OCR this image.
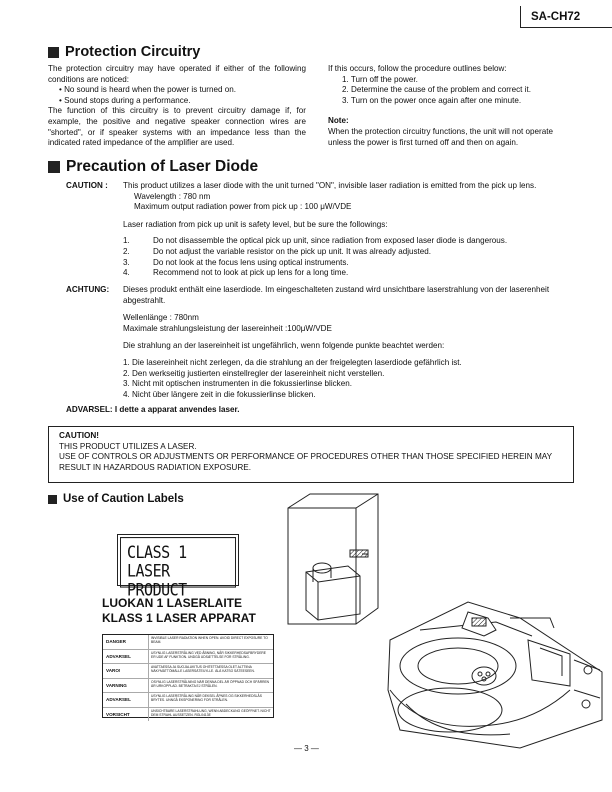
SA-CH72
Protection Circuitry

The protection circuitry may have operated if either of the following conditions are noticed:

• No sound is heard when the power is turned on.

• Sound stops during a performance.

The function of this circuitry is to prevent circuitry damage if, for example, the positive and negative speaker connection wires are "shorted", or if speaker systems with an impedance less than the indicated rated impedance of the amplifier are used.

If this occurs, follow the procedure outlines below:

1. Turn off the power.

2. Determine the cause of the problem and correct it.

3. Turn on the power once again after one minute.

Note:

When the protection circuitry functions, the unit will not operate unless the power is first turned off and then on again.

Precaution of Laser Diode
CAUTION : This product utilizes a laser diode with the unit turned "ON", invisible laser radiation is emitted from the pick up lens.

Wavelength : 780 nm

Maximum output radiation power from pick up : 100 μW/VDE

Laser radiation from pick up unit is safety level, but be sure the followings:

1.	Do not disassemble the optical pick up unit, since radiation from exposed laser diode is dangerous.
2.	Do not adjust the variable resistor on the pick up unit. It was already adjusted.
3.	Do not look at the focus lens using optical instruments.
4.	Recommend not to look at pick up lens for a long time.
ACHTUNG: Dieses produkt enthält eine laserdiode. Im eingeschalteten zustand wird unsichtbare laserstrahlung von der laserenheit abgestrahlt.

Wellenlänge : 780nm

Maximale strahlungsleistung der lasereinheit :100μW/VDE

Die strahlung an der lasereinheit ist ungefährlich, wenn folgende punkte beachtet werden:

1. Die lasereinheit nicht zerlegen, da die strahlung an der freigelegten laserdiode gefährlich ist.

2. Den werkseitig justierten einstellregler der lasereinheit nicht verstellen.

3. Nicht mit optischen instrumenten in die fokussierlinse blicken.

4. Nicht über längere zeit in die fokussierlinse blicken.

ADVARSEL: I dette a apparat anvendes laser.
CAUTION!
THIS PRODUCT UTILIZES A LASER.
USE OF CONTROLS OR ADJUSTMENTS OR PERFORMANCE OF PROCEDURES OTHER THAN THOSE SPECIFIED HEREIN MAY RESULT IN HAZARDOUS RADIATION EXPOSURE.
Use of Caution Labels
CLASS 1
LASER PRODUCT
LUOKAN 1 LASERLAITE
KLASS 1 LASER APPARAT
DANGER
INVISIBLE LASER RADIATION WHEN OPEN. AVOID DIRECT EXPOSURE TO BEAM.
ADVARSEL
USYNLIG LASERSTRÅLING VED ÅBNING, NÅR SIKKERHEDSAFBRYDERE ER UDE AF FUNKTION. UNDGÅ UDSÆTTELSE FOR STRÅLING.
VARO!
AVATTAESSA JA SUOJALUKITUS OHITETTAESSA OLET ALTTIINA NÄKYMÄTTÖMÄLLE LASERSÄTEILYLLE. ÄLÄ KATSO SÄTEESEEN.
VARNING
OSYNLIG LASERSTRÅLNING NÄR DENNA DEL ÄR ÖPPNAD OCH SPÄRREN ÄR URKOPPLAD. BETRAKTA EJ STRÅLEN.
ADVARSEL
USYNLIG LASERSTRÅLING NÅR DEKSEL ÅPNES OG SIKKERHEDSLÅS BRYTES. UNNGÅ EKSPONERING FOR STRÅLEN.
VORSICHT
UNSICHTBARE LASERSTRAHLUNG, WENN ABDECKUNG GEÖFFNET. NICHT DEM STRAHL AUSSETZEN. RGL0413E
— 3 —
